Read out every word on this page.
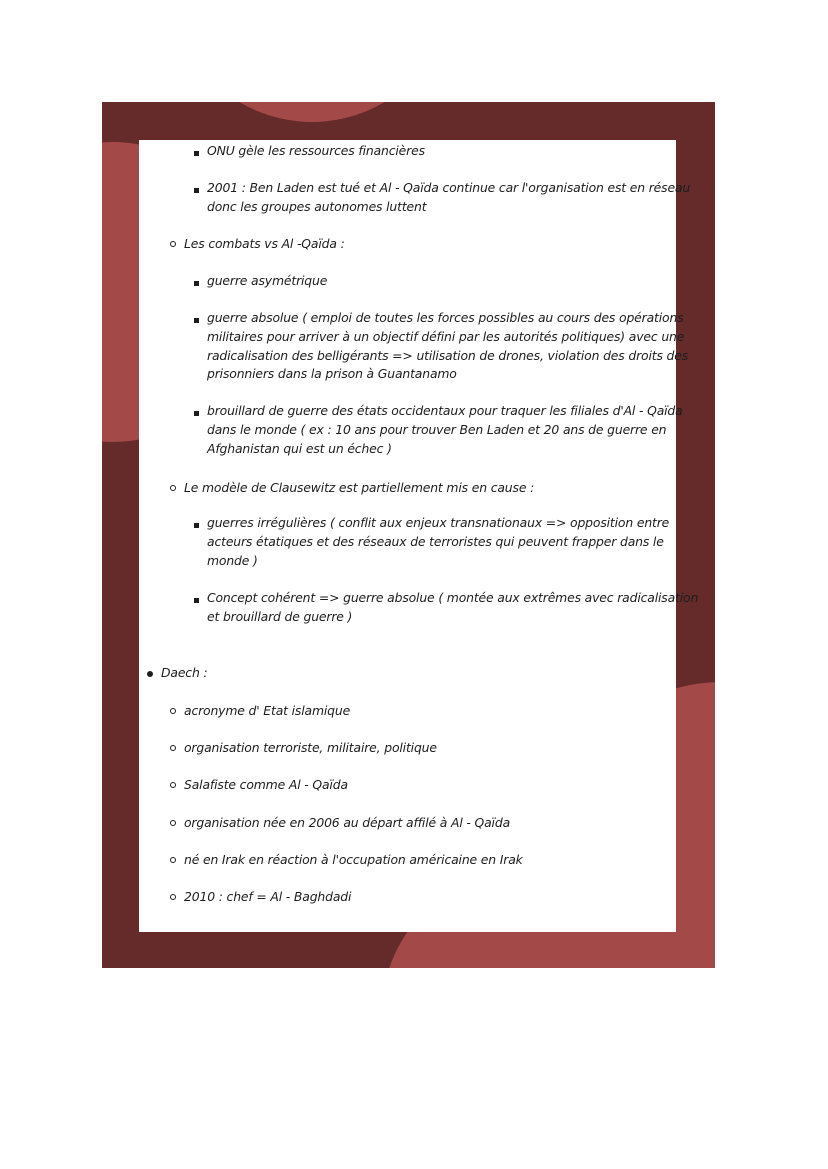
ONU gèle les ressources financières
2001 : Ben Laden est tué et Al - Qaïda continue car l'organisation est en réseau
donc les groupes autonomes luttent
Les combats vs Al -Qaïda :
guerre asymétrique
guerre absolue ( emploi de toutes les forces possibles au cours des opérations
militaires pour arriver à un objectif défini par les autorités politiques) avec une
radicalisation des belligérants => utilisation de drones, violation des droits des
prisonniers dans la prison à Guantanamo
brouillard de guerre des états occidentaux pour traquer les filiales d'Al - Qaïda
dans le monde ( ex : 10 ans pour trouver Ben Laden et 20 ans de guerre en
Afghanistan qui est un échec )
Le modèle de Clausewitz est partiellement mis en cause :
guerres irrégulières ( conflit aux enjeux transnationaux => opposition entre
acteurs étatiques et des réseaux de terroristes qui peuvent frapper dans le
monde )
Concept cohérent => guerre absolue ( montée aux extrêmes avec radicalisation
et brouillard de guerre )
Daech :
acronyme d' Etat islamique
organisation terroriste, militaire, politique
Salafiste comme Al - Qaïda
organisation née en 2006 au départ affilé à Al - Qaïda
né en Irak en réaction à l'occupation américaine en Irak
2010 : chef = Al - Baghdadi
